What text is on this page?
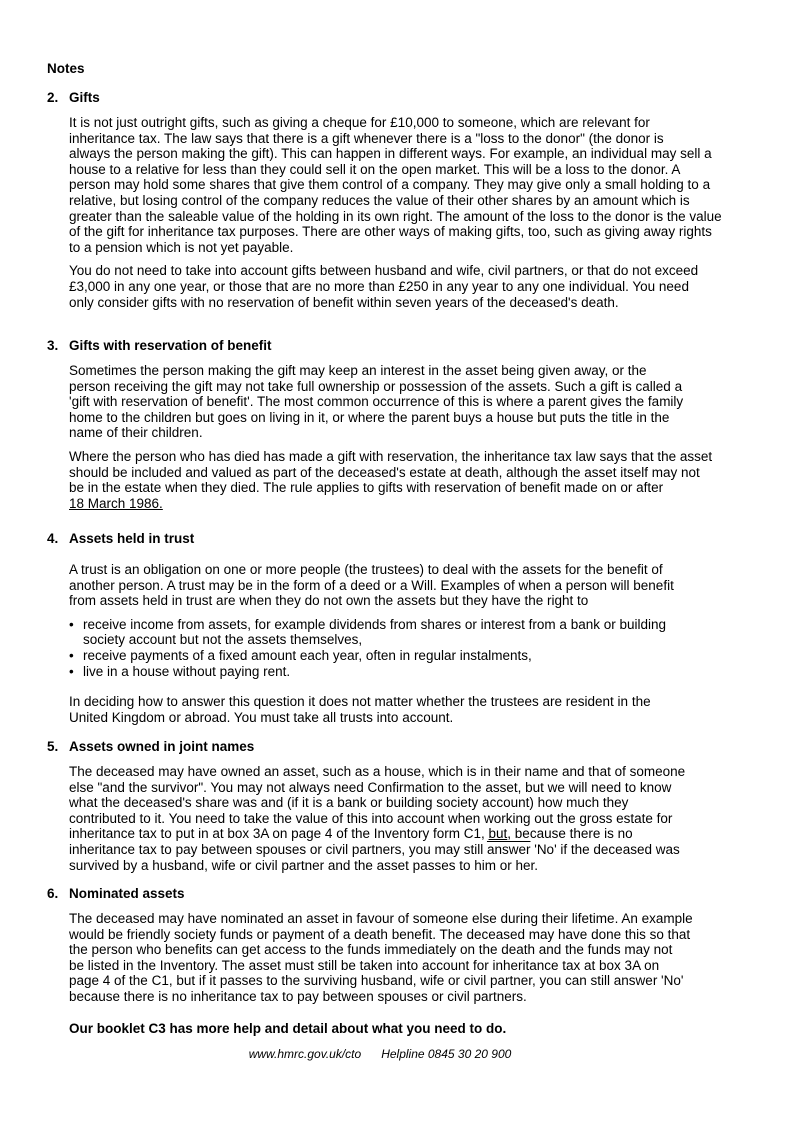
Notes
2. Gifts
It is not just outright gifts, such as giving a cheque for £10,000 to someone, which are relevant for
inheritance tax. The law says that there is a gift whenever there is a "loss to the donor" (the donor is
always the person making the gift). This can happen in different ways. For example, an individual may sell a
house to a relative for less than they could sell it on the open market. This will be a loss to the donor. A
person may hold some shares that give them control of a company. They may give only a small holding to a
relative, but losing control of the company reduces the value of their other shares by an amount which is
greater than the saleable value of the holding in its own right. The amount of the loss to the donor is the value
of the gift for inheritance tax purposes. There are other ways of making gifts, too, such as giving away rights
to a pension which is not yet payable.
You do not need to take into account gifts between husband and wife, civil partners, or that do not exceed
£3,000 in any one year, or those that are no more than £250 in any year to any one individual. You need
only consider gifts with no reservation of benefit within seven years of the deceased's death.
3. Gifts with reservation of benefit
Sometimes the person making the gift may keep an interest in the asset being given away, or the
person receiving the gift may not take full ownership or possession of the assets. Such a gift is called a
'gift with reservation of benefit'. The most common occurrence of this is where a parent gives the family
home to the children but goes on living in it, or where the parent buys a house but puts the title in the
name of their children.
Where the person who has died has made a gift with reservation, the inheritance tax law says that the asset
should be included and valued as part of the deceased's estate at death, although the asset itself may not
be in the estate when they died. The rule applies to gifts with reservation of benefit made on or after
18 March 1986.
4. Assets held in trust
A trust is an obligation on one or more people (the trustees) to deal with the assets for the benefit of
another person. A trust may be in the form of a deed or a Will. Examples of when a person will benefit
from assets held in trust are when they do not own the assets but they have the right to
• receive income from assets, for example dividends from shares or interest from a bank or building
society account but not the assets themselves,
• receive payments of a fixed amount each year, often in regular instalments,
• live in a house without paying rent.
In deciding how to answer this question it does not matter whether the trustees are resident in the
United Kingdom or abroad. You must take all trusts into account.
5. Assets owned in joint names
The deceased may have owned an asset, such as a house, which is in their name and that of someone
else "and the survivor". You may not always need Confirmation to the asset, but we will need to know
what the deceased's share was and (if it is a bank or building society account) how much they
contributed to it. You need to take the value of this into account when working out the gross estate for
inheritance tax to put in at box 3A on page 4 of the Inventory form C1, but, because there is no
inheritance tax to pay between spouses or civil partners, you may still answer 'No' if the deceased was
survived by a husband, wife or civil partner and the asset passes to him or her.
6. Nominated assets
The deceased may have nominated an asset in favour of someone else during their lifetime. An example
would be friendly society funds or payment of a death benefit. The deceased may have done this so that
the person who benefits can get access to the funds immediately on the death and the funds may not
be listed in the Inventory. The asset must still be taken into account for inheritance tax at box 3A on
page 4 of the C1, but if it passes to the surviving husband, wife or civil partner, you can still answer 'No'
because there is no inheritance tax to pay between spouses or civil partners.
Our booklet C3 has more help and detail about what you need to do.
www.hmrc.gov.uk/cto Helpline 0845 30 20 900
